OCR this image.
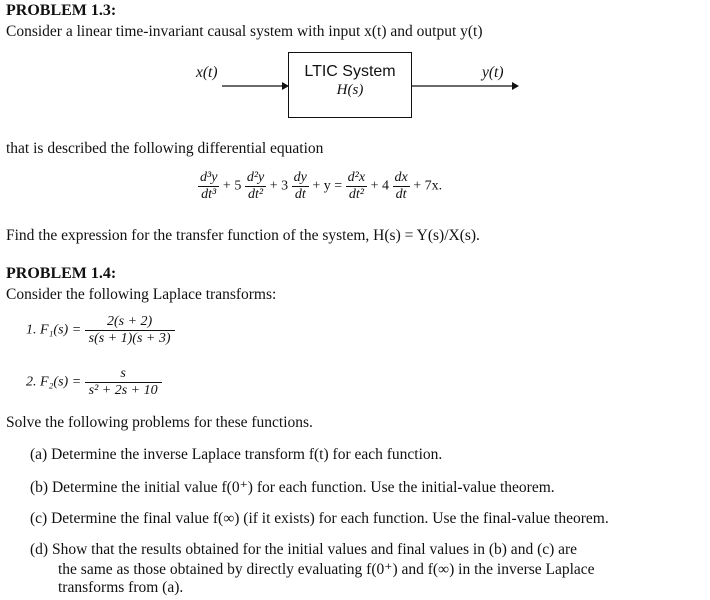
PROBLEM 1.3:
Consider a linear time-invariant causal system with input x(t) and output y(t)
x(t)	LTIC System
H(s)
y(t)
that is described the following differential equation
$\frac{\text{d³y}}{\text{dt³}} + 5 \frac{\text{d²y}}{\text{dt²}} + 3 \frac{dy}{dt} + y = \frac{\text{d²x}}{\text{dt²}} + 4 \frac{dx}{dt} + 7x$.
Find the expression for the transfer function of the system, H(s) = Y(s)/X(s).
PROBLEM 1.4:
Consider the following Laplace transforms:
1. $F_1(s) = \frac{2(s + 2)}{s(s + 1)(s + 3)}$
2. $F_2(s) = \frac{s}{\text{s² + 2s + 10}}$
Solve the following problems for these functions.
(a) Determine the inverse Laplace transform f(t) for each function.
(b) Determine the initial value f(0⁺) for each function. Use the initial-value theorem.
(c) Determine the final value f(∞) (if it exists) for each function. Use the final-value theorem.
(d) Show that the results obtained for the initial values and final values in (b) and (c) are
the same as those obtained by directly evaluating f(0⁺) and f(∞) in the inverse Laplace
transforms from (a).
